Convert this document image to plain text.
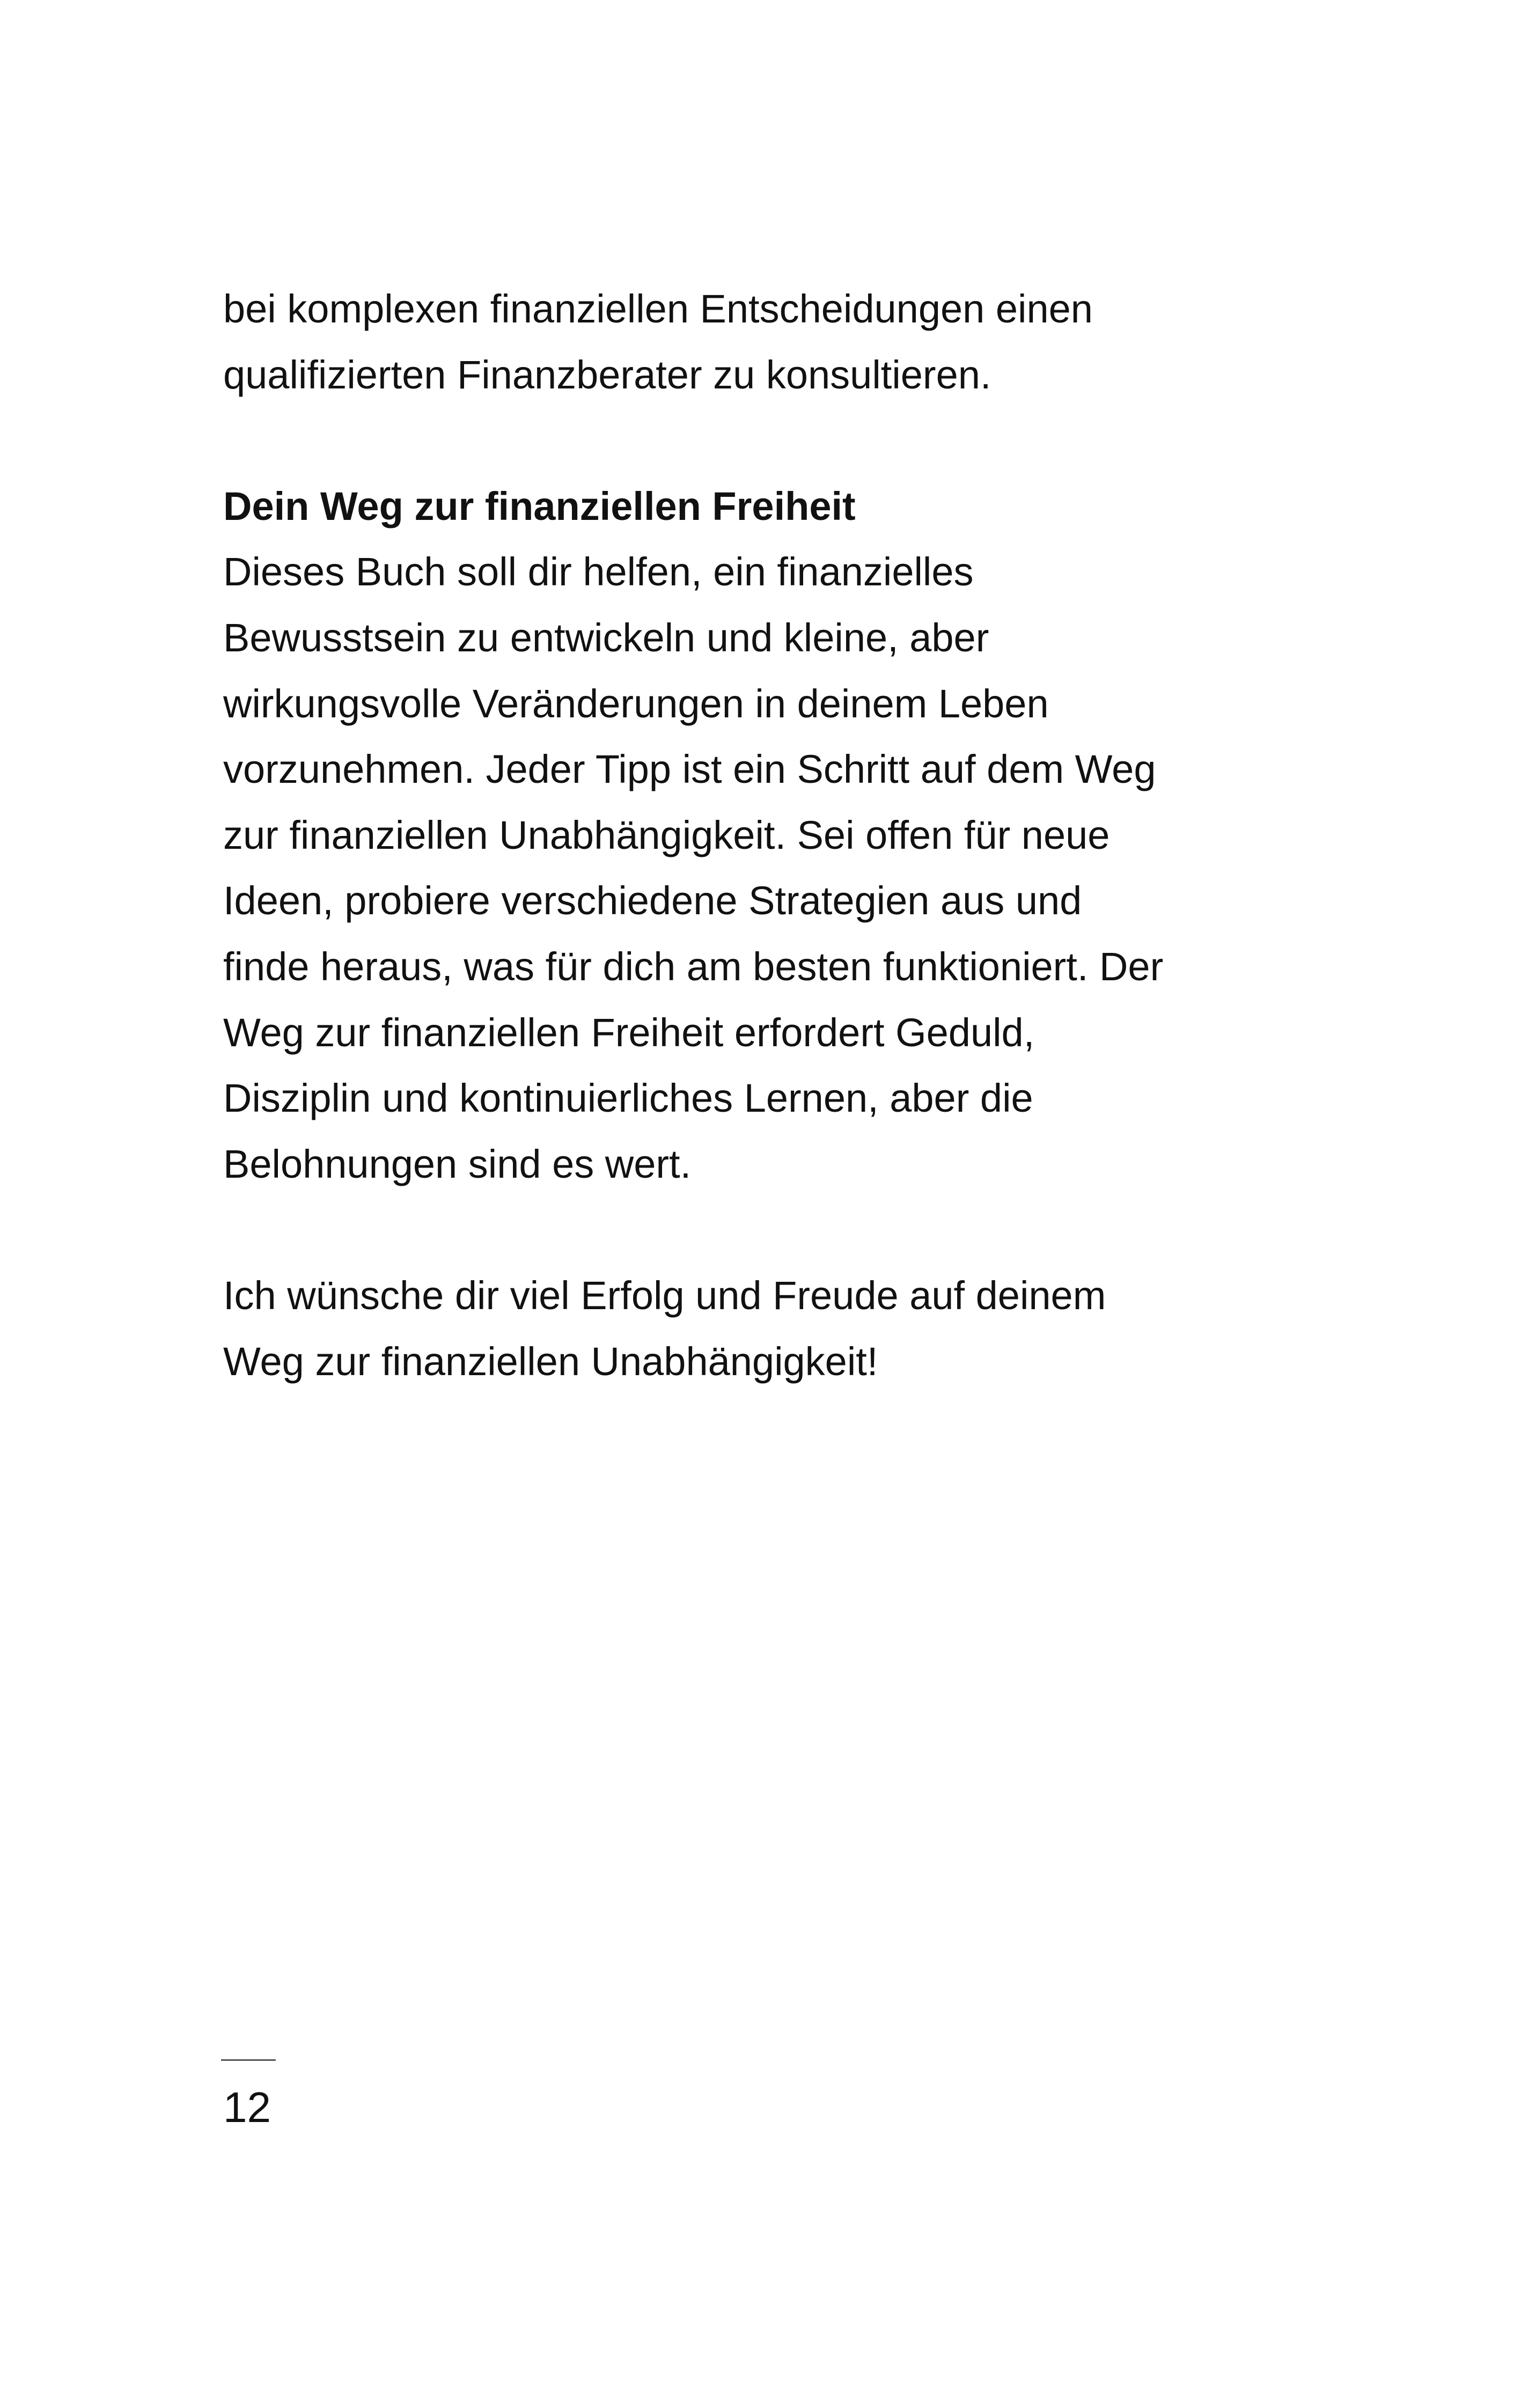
bei komplexen finanziellen Entscheidungen einen
qualifizierten Finanzberater zu konsultieren.
Dein Weg zur finanziellen Freiheit
Dieses Buch soll dir helfen, ein finanzielles
Bewusstsein zu entwickeln und kleine, aber
wirkungsvolle Veränderungen in deinem Leben
vorzunehmen. Jeder Tipp ist ein Schritt auf dem Weg
zur finanziellen Unabhängigkeit. Sei offen für neue
Ideen, probiere verschiedene Strategien aus und
finde heraus, was für dich am besten funktioniert. Der
Weg zur finanziellen Freiheit erfordert Geduld,
Disziplin und kontinuierliches Lernen, aber die
Belohnungen sind es wert.
Ich wünsche dir viel Erfolg und Freude auf deinem
Weg zur finanziellen Unabhängigkeit!
12
